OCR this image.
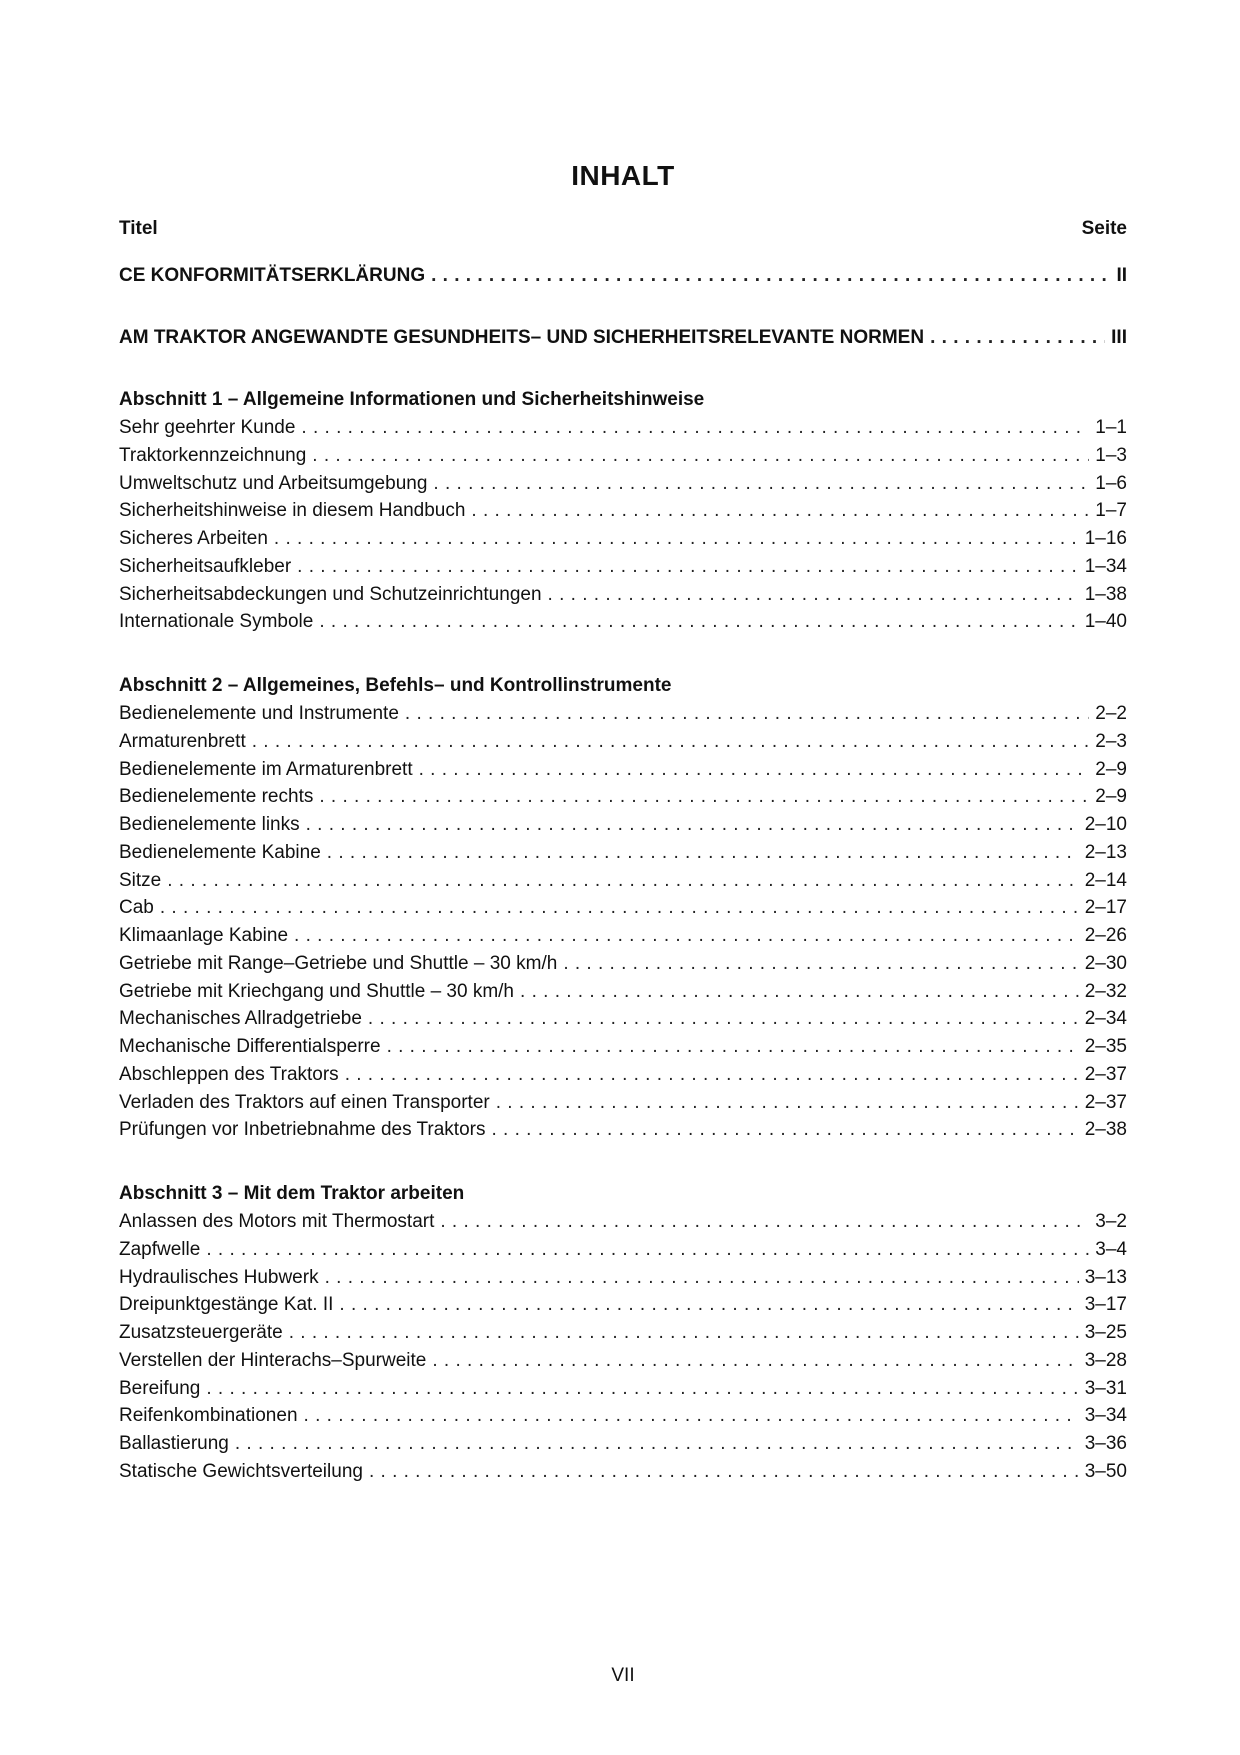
INHALT
Titel	Seite
CE KONFORMITÄTSERKLÄRUNG . . .	II
AM TRAKTOR ANGEWANDTE GESUNDHEITS– UND SICHERHEITSRELEVANTE NORMEN . . .	III
Abschnitt 1 – Allgemeine Informationen und Sicherheitshinweise
Sehr geehrter Kunde . . .	1–1
Traktorkennzeichnung . . .	1–3
Umweltschutz und Arbeitsumgebung . . .	1–6
Sicherheitshinweise in diesem Handbuch . . .	1–7
Sicheres Arbeiten . . .	1–16
Sicherheitsaufkleber . . .	1–34
Sicherheitsabdeckungen und Schutzeinrichtungen . . .	1–38
Internationale Symbole . . .	1–40
Abschnitt 2 – Allgemeines, Befehls– und Kontrollinstrumente
Bedienelemente und Instrumente . . .	2–2
Armaturenbrett . . .	2–3
Bedienelemente im Armaturenbrett . . .	2–9
Bedienelemente rechts . . .	2–9
Bedienelemente links . . .	2–10
Bedienelemente Kabine . . .	2–13
Sitze . . .	2–14
Cab . . .	2–17
Klimaanlage Kabine . . .	2–26
Getriebe mit Range–Getriebe und Shuttle – 30 km/h . . .	2–30
Getriebe mit Kriechgang und Shuttle – 30 km/h . . .	2–32
Mechanisches Allradgetriebe . . .	2–34
Mechanische Differentialsperre . . .	2–35
Abschleppen des Traktors . . .	2–37
Verladen des Traktors auf einen Transporter . . .	2–37
Prüfungen vor Inbetriebnahme des Traktors . . .	2–38
Abschnitt 3 – Mit dem Traktor arbeiten
Anlassen des Motors mit Thermostart . . .	3–2
Zapfwelle . . .	3–4
Hydraulisches Hubwerk . . .	3–13
Dreipunktgestänge Kat. II . . .	3–17
Zusatzsteuergeräte . . .	3–25
Verstellen der Hinterachs–Spurweite . . .	3–28
Bereifung . . .	3–31
Reifenkombinationen . . .	3–34
Ballastierung . . .	3–36
Statische Gewichtsverteilung . . .	3–50
VII
